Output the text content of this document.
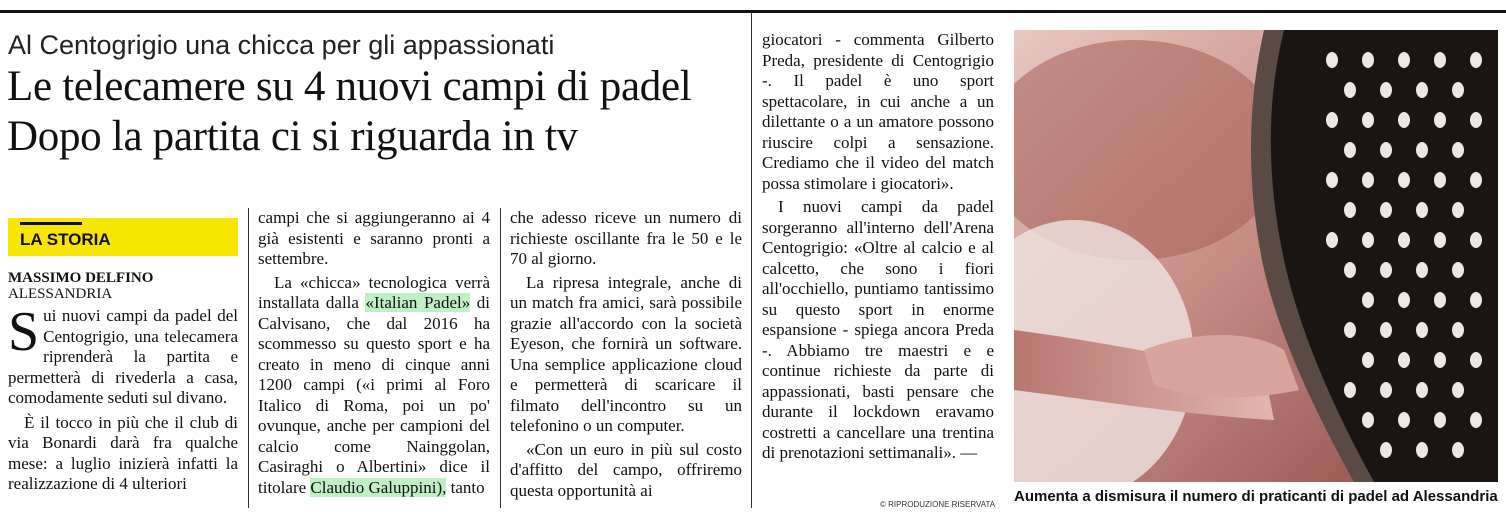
Al Centogrigio una chicca per gli appassionati
Le telecamere su 4 nuovi campi di padel
Dopo la partita ci si riguarda in tv
LA STORIA
MASSIMO DELFINO
ALESSANDRIA

Sui nuovi campi da padel del Centogrigio, una telecamera riprenderà la partita e permetterà di rivederla a casa, comodamente seduti sul divano.

È il tocco in più che il club di via Bonardi darà fra qualche mese: a luglio inizierà infatti la realizzazione di 4 ulteriori

campi che si aggiungeranno ai 4 già esistenti e saranno pronti a settembre.

La «chicca» tecnologica verrà installata dalla «Italian Padel» di Calvisano, che dal 2016 ha scommesso su questo sport e ha creato in meno di cinque anni 1200 campi («i primi al Foro Italico di Roma, poi un po' ovunque, anche per campioni del calcio come Nainggolan, Casiraghi o Albertini» dice il titolare Claudio Galuppini), tanto

che adesso riceve un numero di richieste oscillante fra le 50 e le 70 al giorno.

La ripresa integrale, anche di un match fra amici, sarà possibile grazie all'accordo con la società Eyeson, che fornirà un software. Una semplice applicazione cloud e permetterà di scaricare il filmato dell'incontro su un telefonino o un computer.

«Con un euro in più sul costo d'affitto del campo, offriremo questa opportunità ai

giocatori - commenta Gilberto Preda, presidente di Centogrigio -. Il padel è uno sport spettacolare, in cui anche a un dilettante o a un amatore possono riuscire colpi a sensazione. Crediamo che il video del match possa stimolare i giocatori».

I nuovi campi da padel sorgeranno all'interno dell'Arena Centogrigio: «Oltre al calcio e al calcetto, che sono i fiori all'occhiello, puntiamo tantissimo su questo sport in enorme espansione - spiega ancora Preda -. Abbiamo tre maestri e e continue richieste da parte di appassionati, basti pensare che durante il lockdown eravamo costretti a cancellare una trentina di prenotazioni settimanali». —

© RIPRODUZIONE RISERVATA Aumenta a dismisura il numero di praticanti di padel ad Alessandria
